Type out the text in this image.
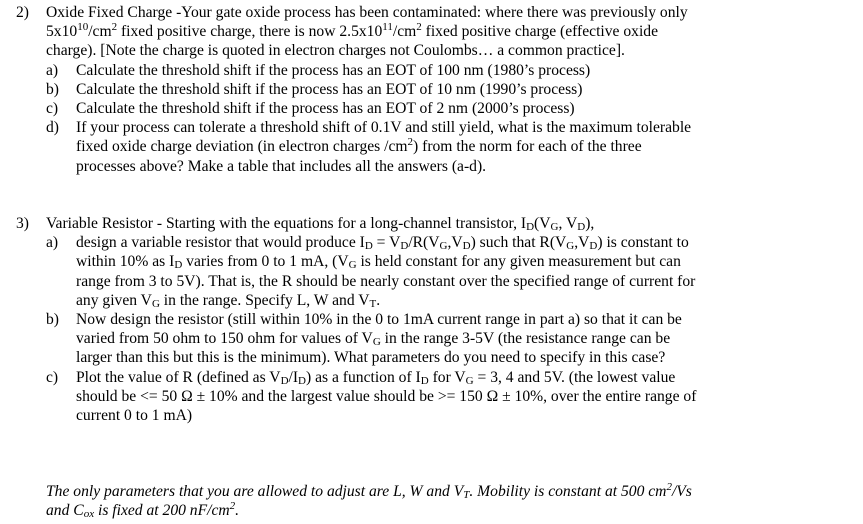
2)	Oxide Fixed Charge -Your gate oxide process has been contaminated: where there was previously only
$5x10^{10}/cm^2$ fixed positive charge, there is now $2.5x10^{11}/cm^2$ fixed positive charge (effective oxide
charge). [Note the charge is quoted in electron charges not Coulombs… a common practice].
a)	Calculate the threshold shift if the process has an EOT of 100 nm (1980’s process)
b)	Calculate the threshold shift if the process has an EOT of 10 nm (1990’s process)
c)	Calculate the threshold shift if the process has an EOT of 2 nm (2000’s process)
d)	If your process can tolerate a threshold shift of 0.1V and still yield, what is the maximum tolerable
fixed oxide charge deviation (in electron charges $/cm^2$) from the norm for each of the three
processes above? Make a table that includes all the answers (a-d).
3)	Variable Resistor - Starting with the equations for a long-channel transistor, ID(VG, VD),
a)	design a variable resistor that would produce ID = VD/R(VG,VD) such that R(VG,VD) is constant to
within 10% as ID varies from 0 to 1 mA, (VG is held constant for any given measurement but can
range from 3 to 5V). That is, the R should be nearly constant over the specified range of current for
any given VG in the range. Specify L, W and VT.
b)	Now design the resistor (still within 10% in the 0 to 1mA current range in part a) so that it can be
varied from 50 ohm to 150 ohm for values of VG in the range 3-5V (the resistance range can be
larger than this but this is the minimum). What parameters do you need to specify in this case?
c)	Plot the value of R (defined as VD/ID) as a function of ID for VG = 3, 4 and 5V. (the lowest value
should be <= 50 Ω ± 10% and the largest value should be >= 150 Ω ± 10%, over the entire range of
current 0 to 1 mA)
The only parameters that you are allowed to adjust are L, W and VT. Mobility is constant at 500 $cm^2/Vs$
and Cox is fixed at 200 $nF/cm^2$.
